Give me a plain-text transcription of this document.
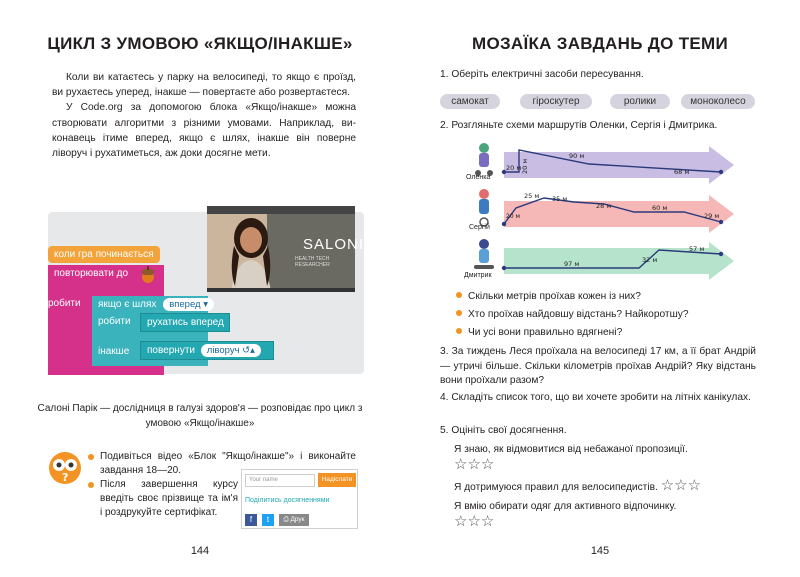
ЦИКЛ З УМОВОЮ «ЯКЩО/ІНАКШЕ»

Коли ви катаєтесь у парку на велосипеді, то якщо є проїзд, ви рухаєтесь уперед, інакше — повертаєте або розвертаєтеся.

У Code.org за допомогою блока «Якщо/інакше» можна створювати алгоритми з різними умовами. Наприклад, виконавець ітиме вперед, якщо є шлях, інакше він поверне ліворуч і рухатиметься, аж доки досягне мети.

коли гра починається
повторювати до
робити	якщо є шлях вперед ▾
робити
інакше
рухатись вперед
повернути ліворуч ↺▴
SALONI
HEALTH TECH RESEARCHER
Салоні Парік — дослідниця в галузі здоров'я — розповідає про цикл з умовою «Якщо/інакше»
?
Подивіться відео «Блок "Якщо/інакше"» і виконайте завдання 18—20.
Після завершення курсу введіть своє прізвище та ім'я і роздрукуйте сертифікат.
Your name	Надіслати
Поділитись досягненнями
f	t	⎙ Друк
144
МОЗАЇКА ЗАВДАНЬ ДО ТЕМИ
1. Оберіть електричні засоби пересування.
самокат	гіроскутер	ролики	моноколесо
2. Розгляньте схеми маршрутів Оленки, Сергія і Дмитрика.
20 м 20 м
90 м
68 м
20 м
25 м 35 м
28 м	60 м
29 м
97 м	32 м
57 м
Оленка
Сергій
Дмитрик
Скільки метрів проїхав кожен із них?
Хто проїхав найдовшу відстань? Найкоротшу?
Чи усі вони правильно вдягнені?
3. За тиждень Леся проїхала на велосипеді 17 км, а її брат Андрій — утричі більше. Скільки кілометрів проїхав Андрій? Яку відстань вони проїхали разом?
4. Складіть список того, що ви хочете зробити на літніх канікулах.
5. Оцініть свої досягнення.
Я знаю, як відмовитися від небажаної пропозиції.
☆☆☆
Я дотримуюся правил для велосипедистів. ☆☆☆
Я вмію обирати одяг для активного відпочинку.
☆☆☆
145
